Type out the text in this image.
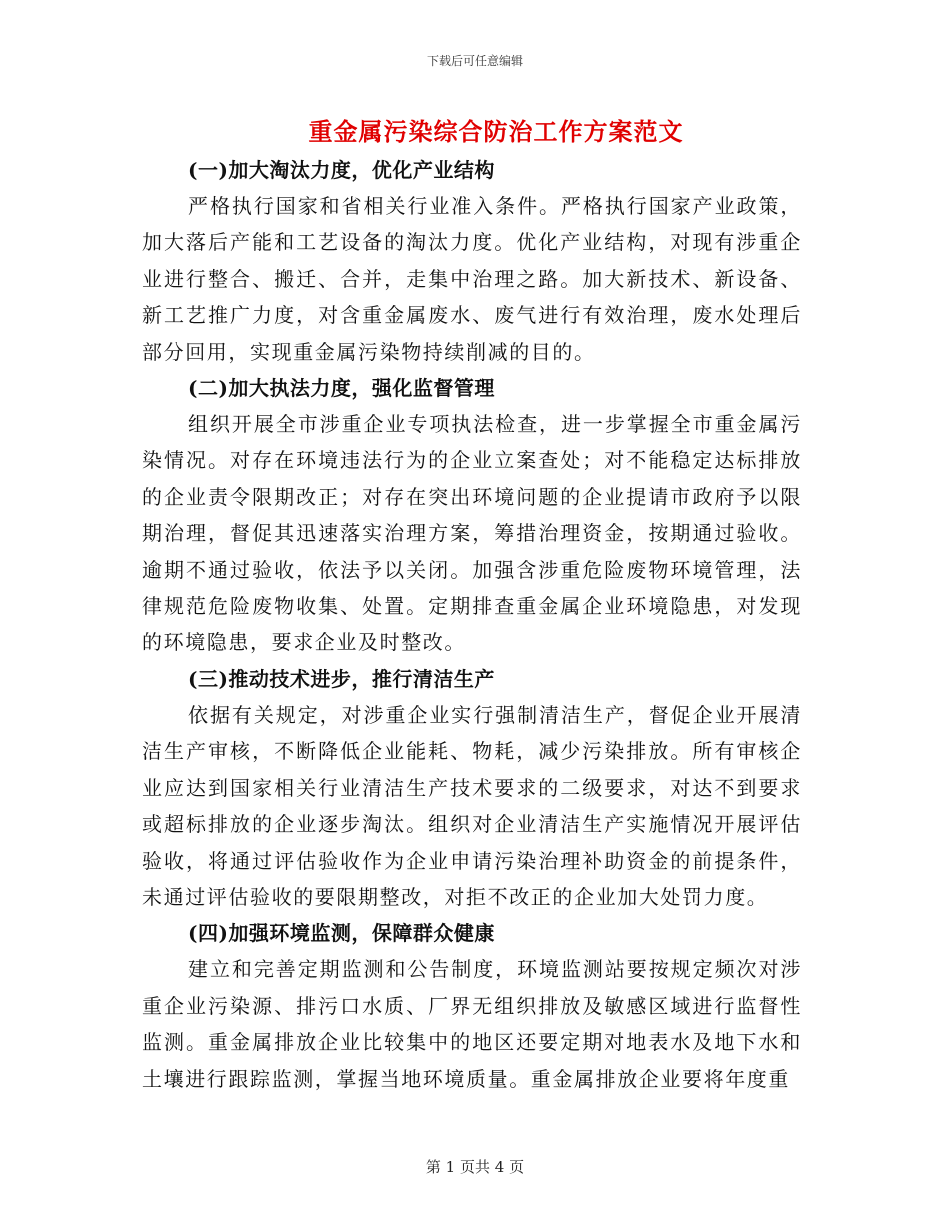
下载后可任意编辑
重金属污染综合防治工作方案范文

(一)加大淘汰力度，优化产业结构

严格执行国家和省相关行业准入条件。严格执行国家产业政策，加大落后产能和工艺设备的淘汰力度。优化产业结构，对现有涉重企业进行整合、搬迁、合并，走集中治理之路。加大新技术、新设备、新工艺推广力度，对含重金属废水、废气进行有效治理，废水处理后部分回用，实现重金属污染物持续削减的目的。

(二)加大执法力度，强化监督管理

组织开展全市涉重企业专项执法检查，进一步掌握全市重金属污染情况。对存在环境违法行为的企业立案查处；对不能稳定达标排放的企业责令限期改正；对存在突出环境问题的企业提请市政府予以限期治理，督促其迅速落实治理方案，筹措治理资金，按期通过验收。逾期不通过验收，依法予以关闭。加强含涉重危险废物环境管理，法律规范危险废物收集、处置。定期排查重金属企业环境隐患，对发现的环境隐患，要求企业及时整改。

(三)推动技术进步，推行清洁生产

依据有关规定，对涉重企业实行强制清洁生产，督促企业开展清洁生产审核，不断降低企业能耗、物耗，减少污染排放。所有审核企业应达到国家相关行业清洁生产技术要求的二级要求，对达不到要求或超标排放的企业逐步淘汰。组织对企业清洁生产实施情况开展评估验收，将通过评估验收作为企业申请污染治理补助资金的前提条件，未通过评估验收的要限期整改，对拒不改正的企业加大处罚力度。

(四)加强环境监测，保障群众健康

建立和完善定期监测和公告制度，环境监测站要按规定频次对涉重企业污染源、排污口水质、厂界无组织排放及敏感区域进行监督性监测。重金属排放企业比较集中的地区还要定期对地表水及地下水和土壤进行跟踪监测，掌握当地环境质量。重金属排放企业要将年度重

第 1 页共 4 页
